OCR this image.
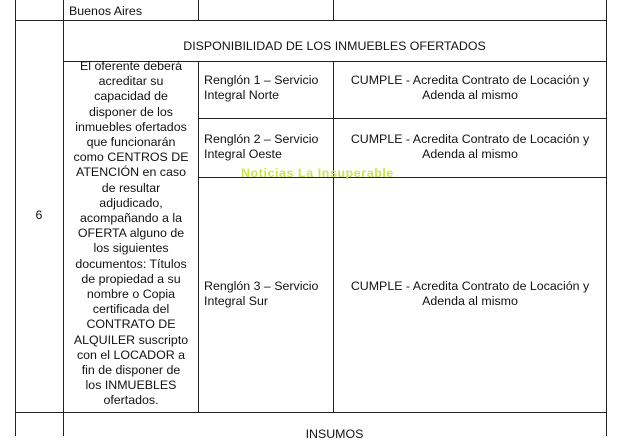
Buenos Aires
6
DISPONIBILIDAD DE LOS INMUEBLES OFERTADOS
El oferente deberá
acreditar su
capacidad de
disponer de los
inmuebles ofertados
que funcionarán
como CENTROS DE
ATENCIÓN en caso
de resultar
adjudicado,
acompañando a la
OFERTA alguno de
los siguientes
documentos: Títulos
de propiedad a su
nombre o Copia
certificada del
CONTRATO DE
ALQUILER suscripto
con el LOCADOR a
fin de disponer de
los INMUEBLES
ofertados.
Renglón 1 – Servicio
Integral Norte
CUMPLE - Acredita Contrato de Locación y
Adenda al mismo
Renglón 2 – Servicio
Integral Oeste
CUMPLE - Acredita Contrato de Locación y
Adenda al mismo
Renglón 3 – Servicio
Integral Sur
CUMPLE - Acredita Contrato de Locación y
Adenda al mismo
Noticias La Insuperable
INSUMOS
